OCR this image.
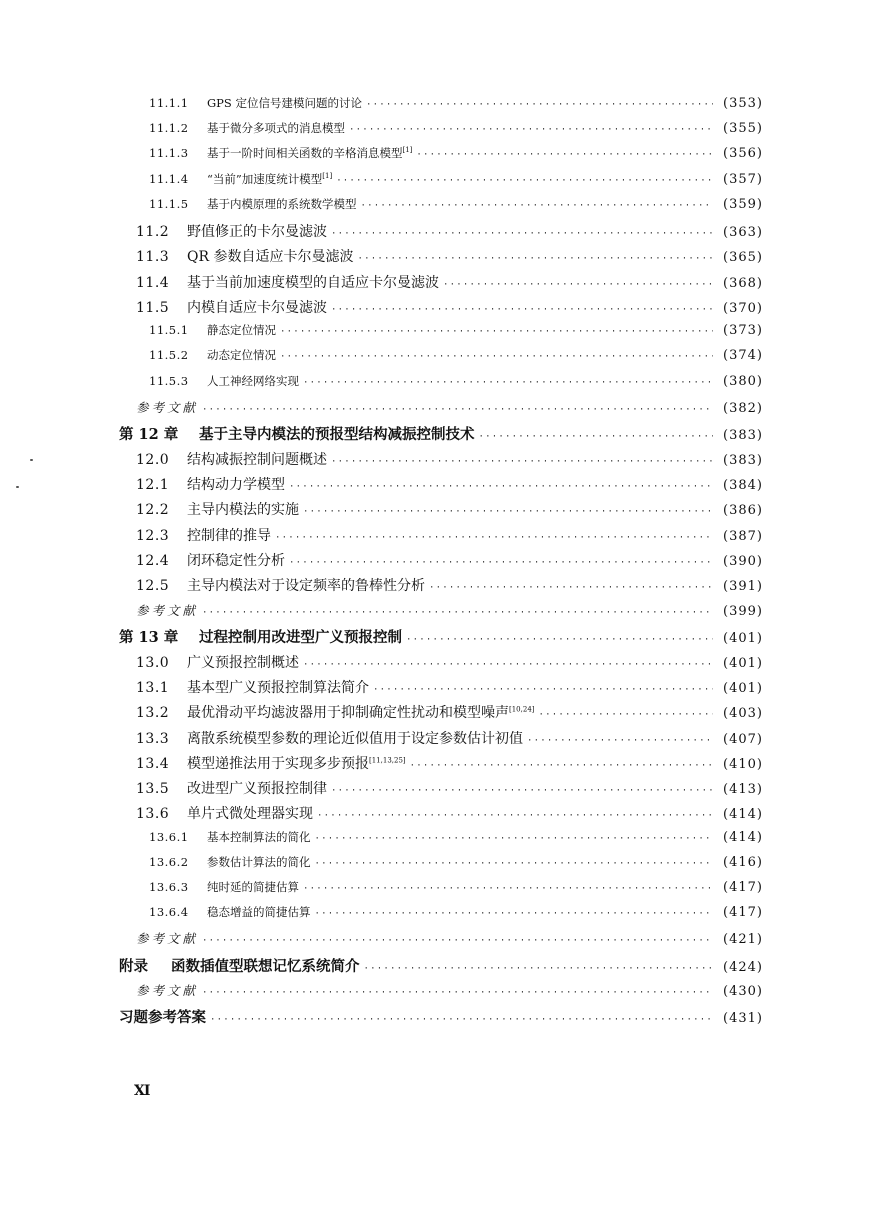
11.1.1	GPS 定位信号建模问题的讨论 ·····	(353)
11.1.2	基于微分多项式的消息模型 ·····	(355)
11.1.3	基于一阶时间相关函数的辛格消息模型[1] ·····	(356)
11.1.4	“当前”加速度统计模型[1] ·····	(357)
11.1.5	基于内模原理的系统数学模型 ·····	(359)
11.2	野值修正的卡尔曼滤波 ·····	(363)
11.3	QR 参数自适应卡尔曼滤波 ·····	(365)
11.4	基于当前加速度模型的自适应卡尔曼滤波 ·····	(368)
11.5	内模自适应卡尔曼滤波 ·····	(370)
11.5.1	静态定位情况 ·····	(373)
11.5.2	动态定位情况 ·····	(374)
11.5.3	人工神经网络实现 ·····	(380)
参考文献 ·····	(382)
第 12 章	基于主导内模法的预报型结构减振控制技术 ·····	(383)
12.0	结构减振控制问题概述 ·····	(383)
12.1	结构动力学模型 ·····	(384)
12.2	主导内模法的实施 ·····	(386)
12.3	控制律的推导 ·····	(387)
12.4	闭环稳定性分析 ·····	(390)
12.5	主导内模法对于设定频率的鲁棒性分析 ·····	(391)
参考文献 ·····	(399)
第 13 章	过程控制用改进型广义预报控制 ·····	(401)
13.0	广义预报控制概述 ·····	(401)
13.1	基本型广义预报控制算法简介 ·····	(401)
13.2	最优滑动平均滤波器用于抑制确定性扰动和模型噪声[10,24] ·····	(403)
13.3	离散系统模型参数的理论近似值用于设定参数估计初值 ·····	(407)
13.4	模型递推法用于实现多步预报[11,13,25] ·····	(410)
13.5	改进型广义预报控制律 ·····	(413)
13.6	单片式微处理器实现 ·····	(414)
13.6.1	基本控制算法的简化 ·····	(414)
13.6.2	参数估计算法的简化 ·····	(416)
13.6.3	纯时延的简捷估算 ·····	(417)
13.6.4	稳态增益的简捷估算 ·····	(417)
参考文献 ·····	(421)
附录	函数插值型联想记忆系统简介 ·····	(424)
参考文献 ·····	(430)
习题参考答案 ·····	(431)
XI
